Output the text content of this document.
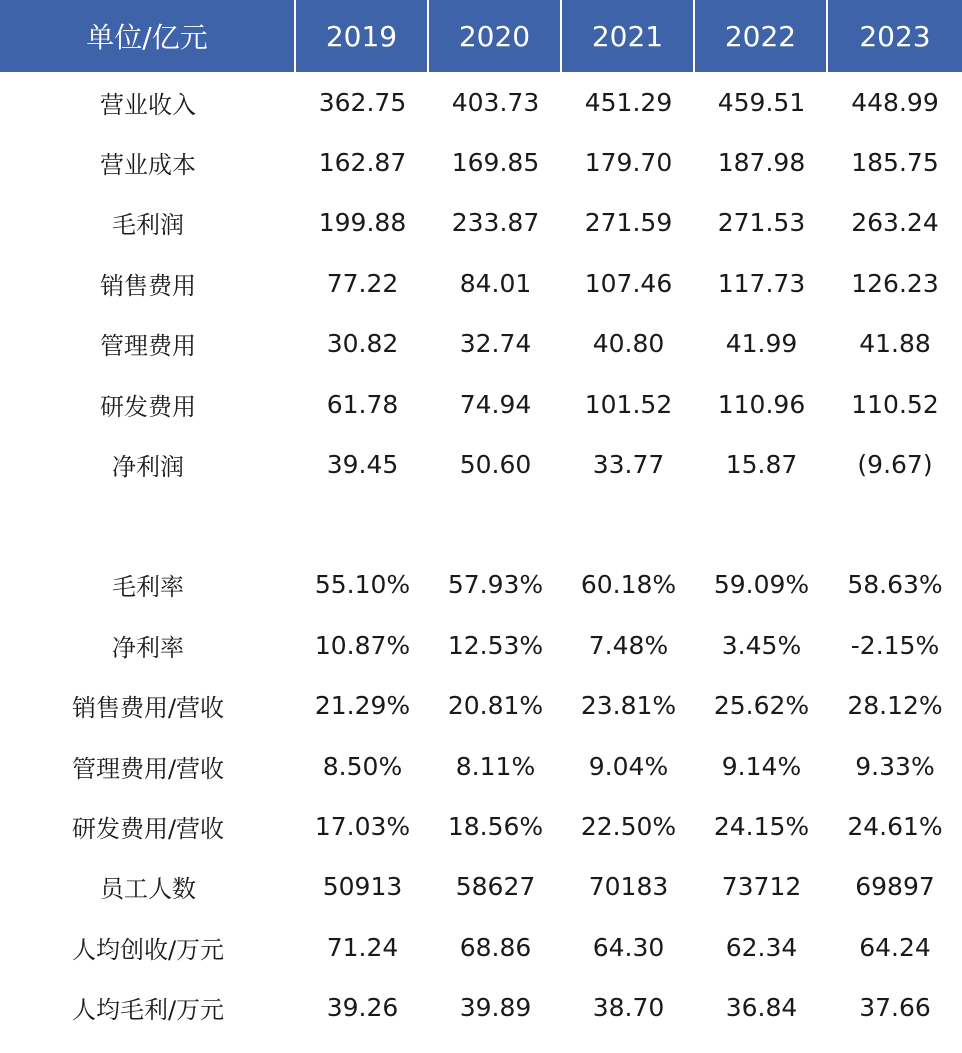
单位/亿元	2019	2020	2021	2022	2023
营业收入	362.75	403.73	451.29	459.51	448.99
营业成本	162.87	169.85	179.70	187.98	185.75
毛利润	199.88	233.87	271.59	271.53	263.24
销售费用	77.22	84.01	107.46	117.73	126.23
管理费用	30.82	32.74	40.80	41.99	41.88
研发费用	61.78	74.94	101.52	110.96	110.52
净利润	39.45	50.60	33.77	15.87	(9.67)

毛利率	55.10%	57.93%	60.18%	59.09%	58.63%
净利率	10.87%	12.53%	7.48%	3.45%	-2.15%
销售费用/营收	21.29%	20.81%	23.81%	25.62%	28.12%
管理费用/营收	8.50%	8.11%	9.04%	9.14%	9.33%
研发费用/营收	17.03%	18.56%	22.50%	24.15%	24.61%
员工人数	50913	58627	70183	73712	69897
人均创收/万元	71.24	68.86	64.30	62.34	64.24
人均毛利/万元	39.26	39.89	38.70	36.84	37.66
